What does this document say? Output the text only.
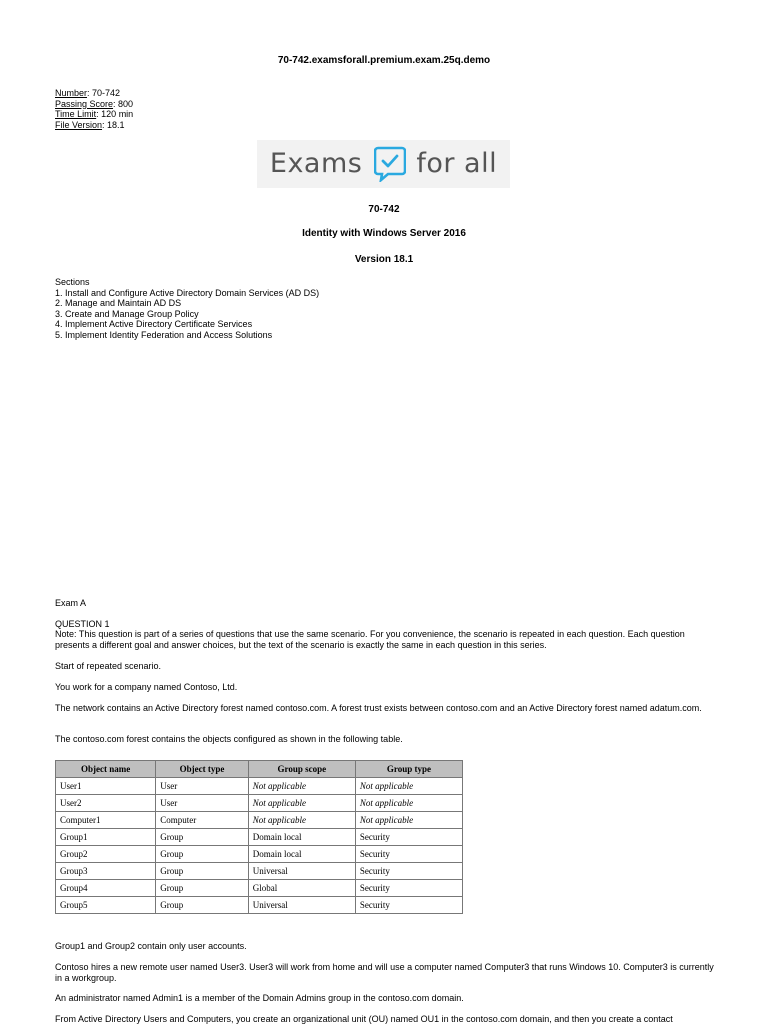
70-742.examsforall.premium.exam.25q.demo
Number: 70-742
Passing Score: 800
Time Limit: 120 min
File Version: 18.1
Exams for all
70-742
Identity with Windows Server 2016
Version 18.1
Sections
1. Install and Configure Active Directory Domain Services (AD DS)
2. Manage and Maintain AD DS
3. Create and Manage Group Policy
4. Implement Active Directory Certificate Services
5. Implement Identity Federation and Access Solutions
Exam A
QUESTION 1
Note: This question is part of a series of questions that use the same scenario. For you convenience, the scenario is repeated in each question. Each question presents a different goal and answer choices, but the text of the scenario is exactly the same in each question in this series.
Start of repeated scenario.
You work for a company named Contoso, Ltd.
The network contains an Active Directory forest named contoso.com. A forest trust exists between contoso.com and an Active Directory forest named adatum.com.
The contoso.com forest contains the objects configured as shown in the following table.
Object name	Object type	Group scope	Group type
User1	User	Not applicable	Not applicable
User2	User	Not applicable	Not applicable
Computer1	Computer	Not applicable	Not applicable
Group1	Group	Domain local	Security
Group2	Group	Domain local	Security
Group3	Group	Universal	Security
Group4	Group	Global	Security
Group5	Group	Universal	Security
Group1 and Group2 contain only user accounts.
Contoso hires a new remote user named User3. User3 will work from home and will use a computer named Computer3 that runs Windows 10. Computer3 is currently in a workgroup.
An administrator named Admin1 is a member of the Domain Admins group in the contoso.com domain.
From Active Directory Users and Computers, you create an organizational unit (OU) named OU1 in the contoso.com domain, and then you create a contact
